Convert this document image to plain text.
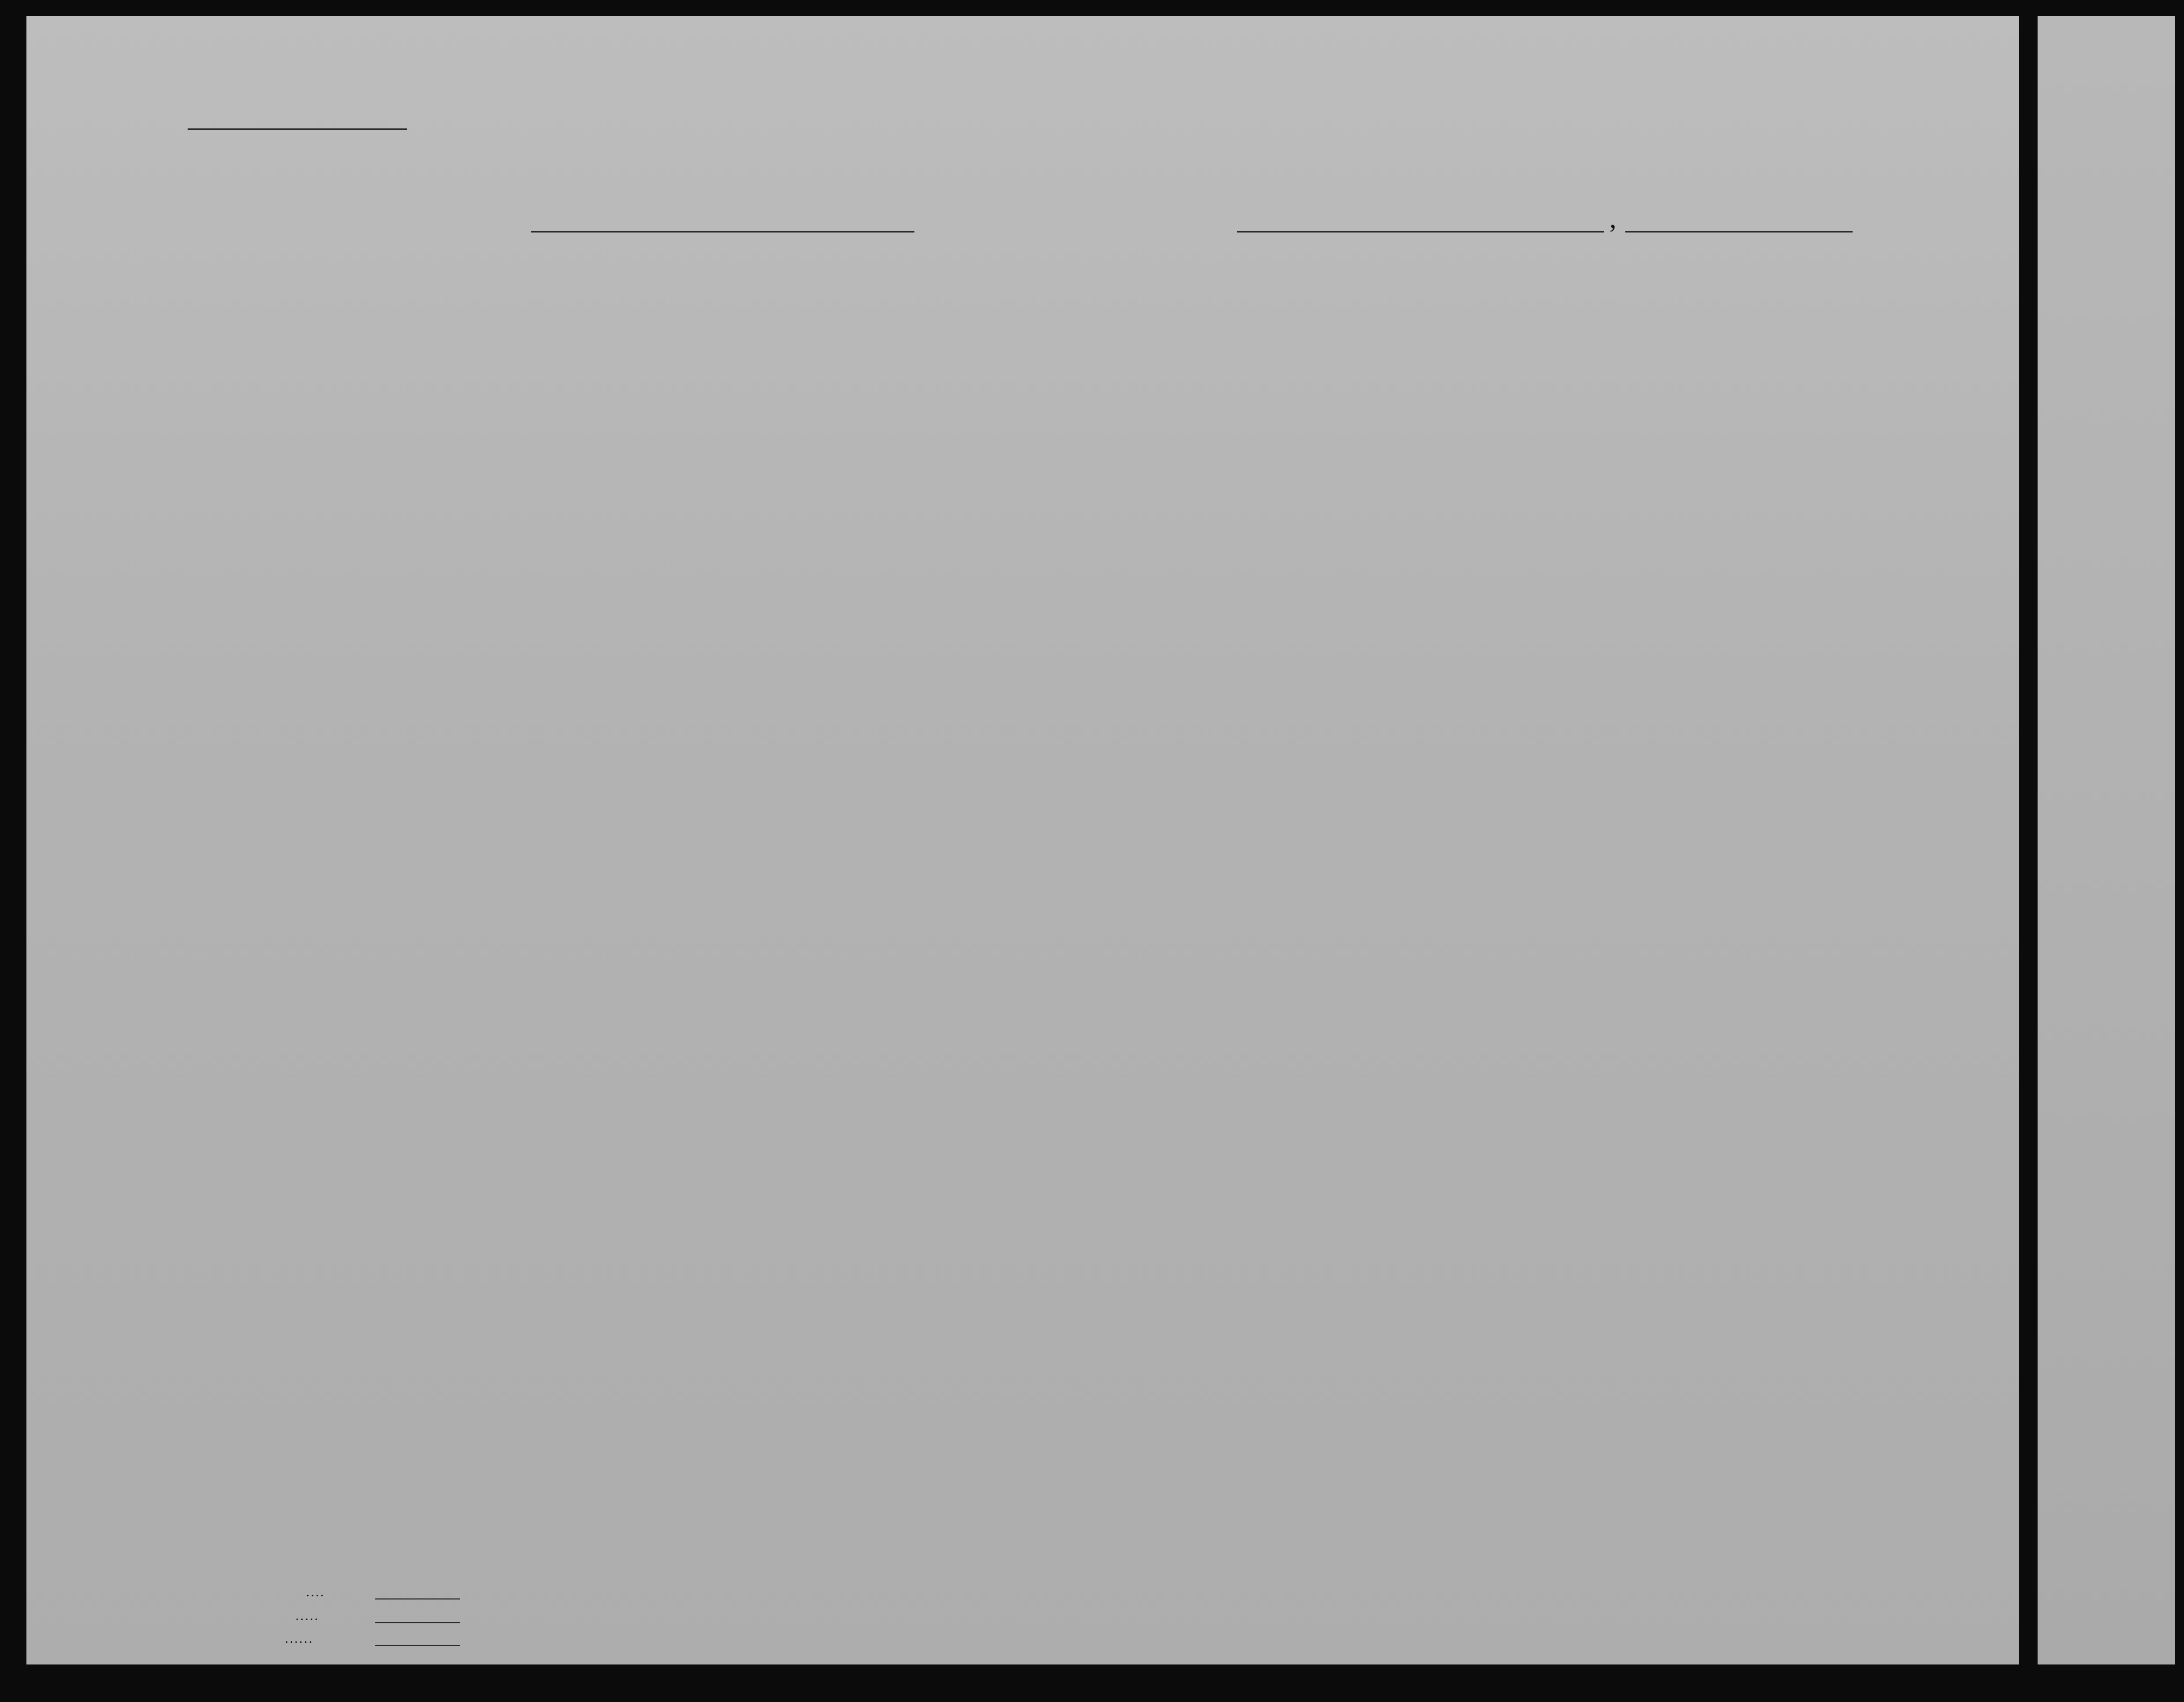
,
. . . .
. . . . .
. . . . . .
